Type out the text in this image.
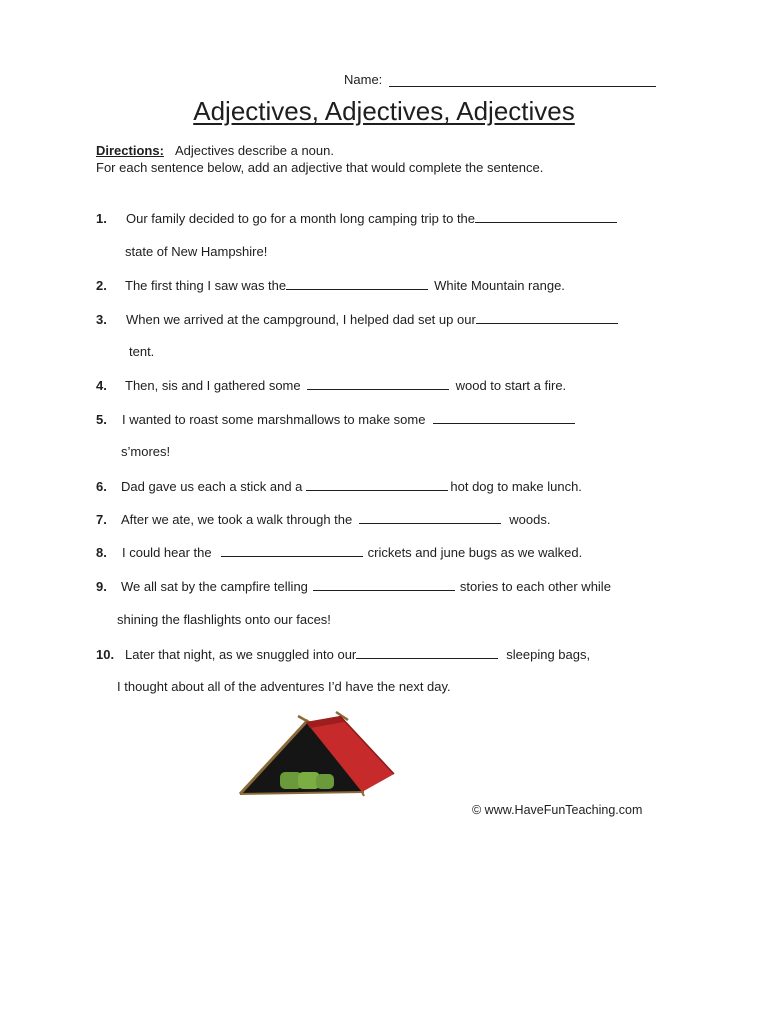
Name:
Adjectives, Adjectives, Adjectives
Directions: Adjectives describe a noun.
For each sentence below, add an adjective that would complete the sentence.
1. Our family decided to go for a month long camping trip to the
state of New Hampshire!
2. The first thing I saw was the	White Mountain range.
3. When we arrived at the campground, I helped dad set up our
tent.
4. Then, sis and I gathered some	wood to start a fire.
5. I wanted to roast some marshmallows to make some
s’mores!
6. Dad gave us each a stick and a	hot dog to make lunch.
7. After we ate, we took a walk through the	woods.
8. I could hear the	crickets and june bugs as we walked.
9. We all sat by the campfire telling	stories to each other while
shining the flashlights onto our faces!
10. Later that night, as we snuggled into our	sleeping bags,
I thought about all of the adventures I’d have the next day.
© www.HaveFunTeaching.com
